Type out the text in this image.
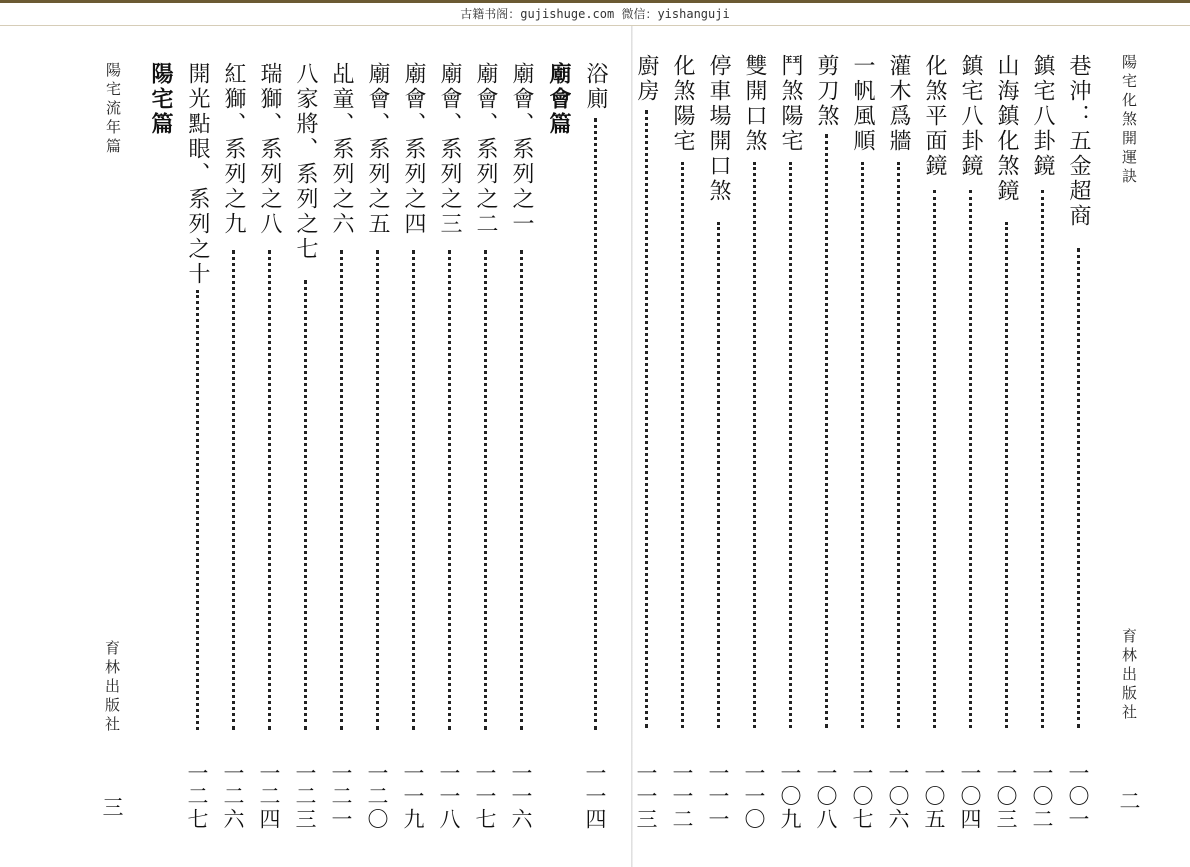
古籍书阁：gujishuge.com 微信：yishanguji
陽宅化煞開運訣
育林出版社
二
陽宅流年篇
育林出版社
三
巷沖：五金超商
一〇一
鎮宅八卦鏡
一〇二
山海鎮化煞鏡
一〇三
鎮宅八卦鏡
一〇四
化煞平面鏡
一〇五
灌木爲牆
一〇六
一帆風順
一〇七
剪刀煞
一〇八
鬥煞陽宅
一〇九
雙開口煞
一一〇
停車場開口煞
一一一
化煞陽宅
一一二
廚房
一一三
浴廁
一一四
廟會篇
廟會、系列之一
一一六
廟會、系列之二
一一七
廟會、系列之三
一一八
廟會、系列之四
一一九
廟會、系列之五
一二〇
乩童、系列之六
一二一
八家將、系列之七
一二三
瑞獅、系列之八
一二四
紅獅、系列之九
一二六
開光點眼、系列之十
一二七
陽宅篇
